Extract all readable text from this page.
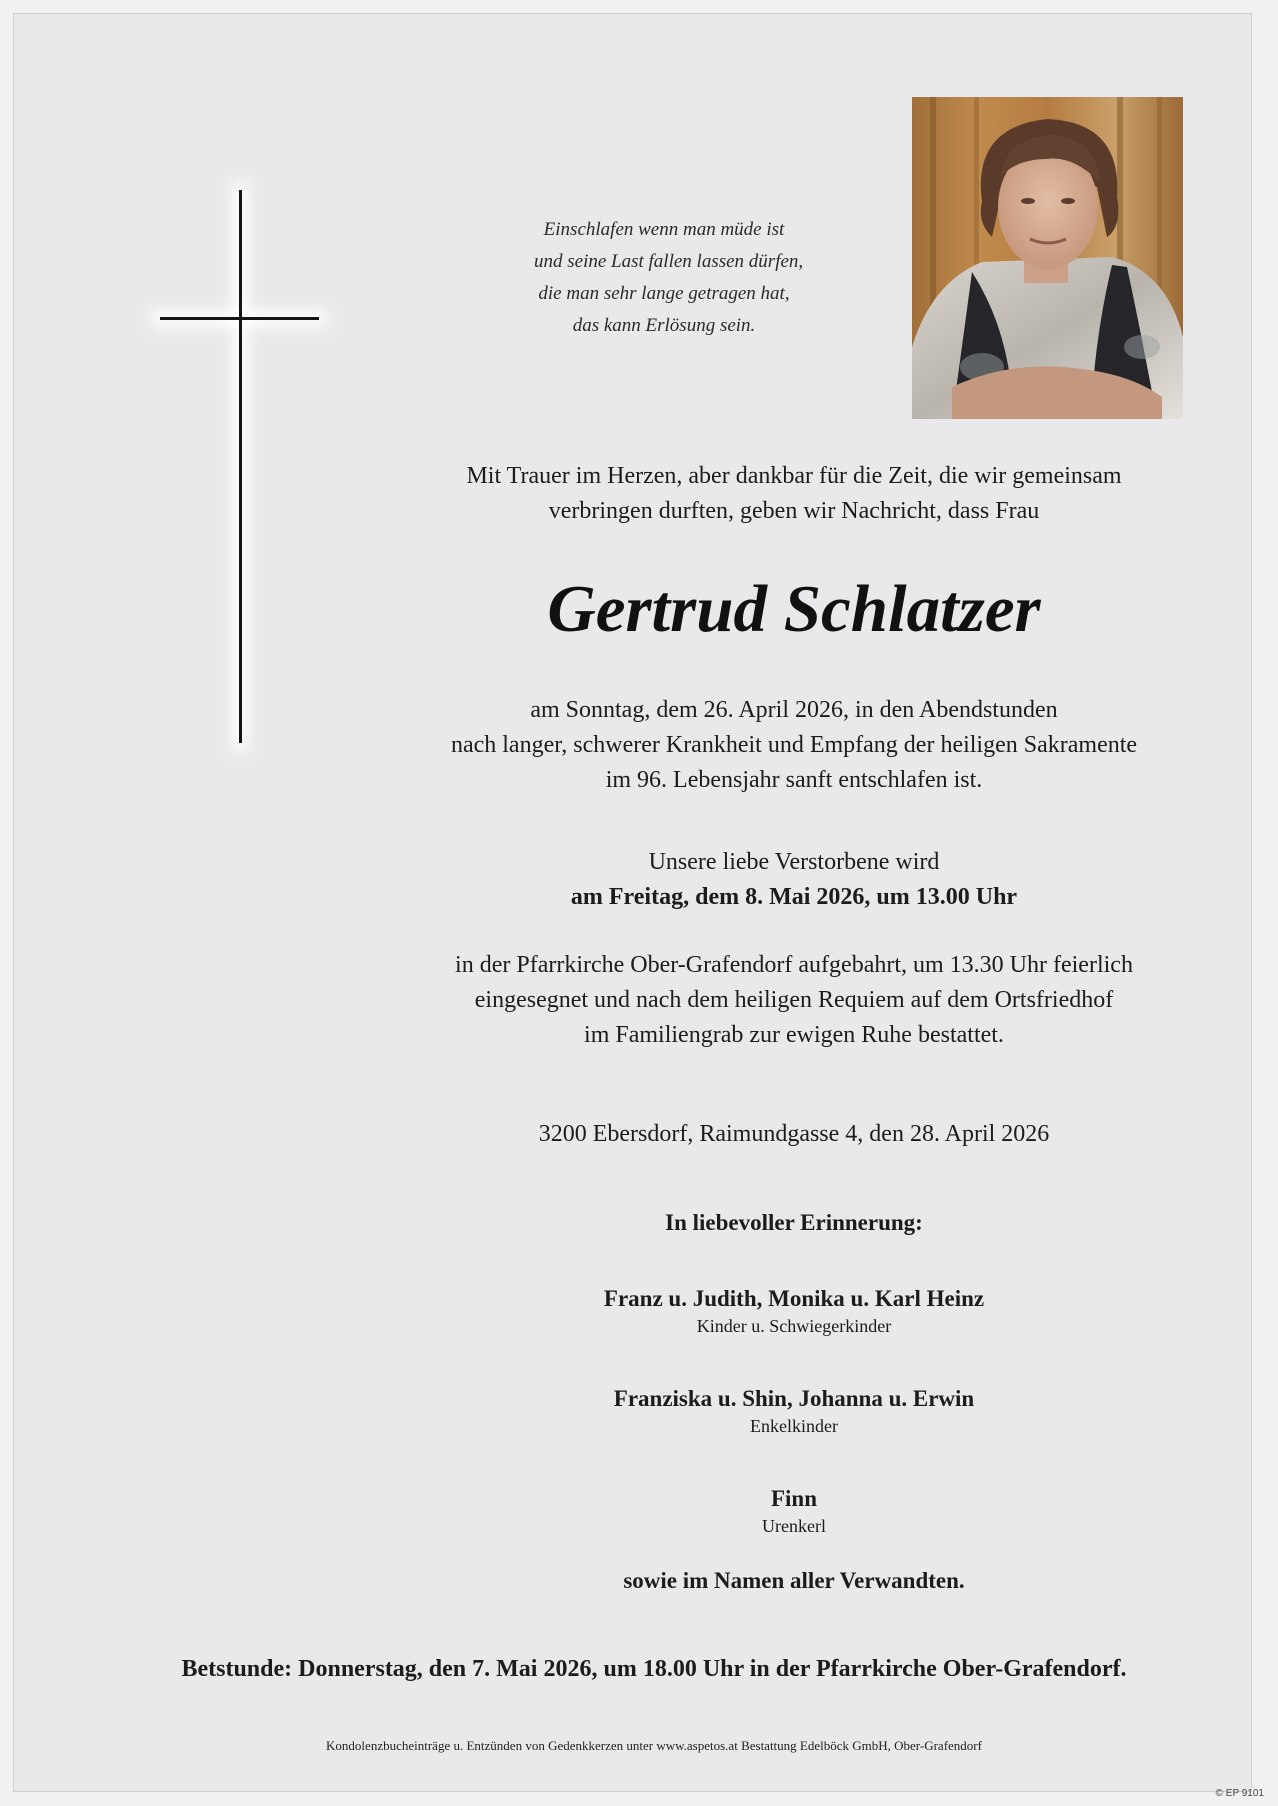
Einschlafen wenn man müde ist
und seine Last fallen lassen dürfen,
die man sehr lange getragen hat,
das kann Erlösung sein.
Mit Trauer im Herzen, aber dankbar für die Zeit, die wir gemeinsam
verbringen durften, geben wir Nachricht, dass Frau
Gertrud Schlatzer
am Sonntag, dem 26. April 2026, in den Abendstunden
nach langer, schwerer Krankheit und Empfang der heiligen Sakramente
im 96. Lebensjahr sanft entschlafen ist.
Unsere liebe Verstorbene wird
am Freitag, dem 8. Mai 2026, um 13.00 Uhr
in der Pfarrkirche Ober-Grafendorf aufgebahrt, um 13.30 Uhr feierlich
eingesegnet und nach dem heiligen Requiem auf dem Ortsfriedhof
im Familiengrab zur ewigen Ruhe bestattet.
3200 Ebersdorf, Raimundgasse 4, den 28. April 2026
In liebevoller Erinnerung:
Franz u. Judith, Monika u. Karl Heinz
Kinder u. Schwiegerkinder
Franziska u. Shin, Johanna u. Erwin
Enkelkinder
Finn
Urenkerl
sowie im Namen aller Verwandten.
Betstunde: Donnerstag, den 7. Mai 2026, um 18.00 Uhr in der Pfarrkirche Ober-Grafendorf.
Kondolenzbucheinträge u. Entzünden von Gedenkkerzen unter www.aspetos.at Bestattung Edelböck GmbH, Ober-Grafendorf
© EP 9101
